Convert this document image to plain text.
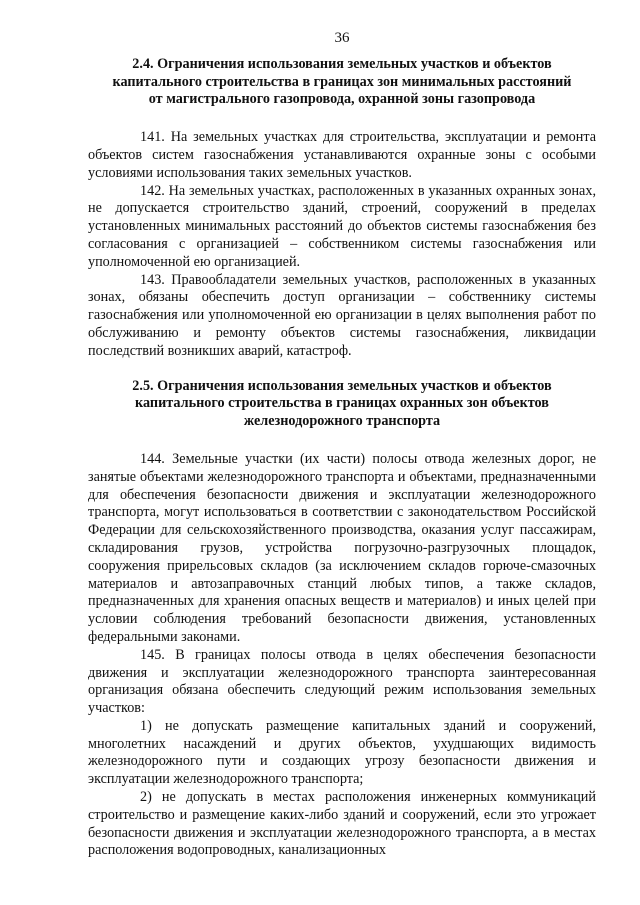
36
2.4. Ограничения использования земельных участков и объектов
капитального строительства в границах зон минимальных расстояний
от магистрального газопровода, охранной зоны газопровода

141. На земельных участках для строительства, эксплуатации и ремонта объектов систем газоснабжения устанавливаются охранные зоны с особыми условиями использования таких земельных участков.

142. На земельных участках, расположенных в указанных охранных зонах, не допускается строительство зданий, строений, сооружений в пределах установленных минимальных расстояний до объектов системы газоснабжения без согласования с организацией – собственником системы газоснабжения или уполномоченной ею организацией.

143. Правообладатели земельных участков, расположенных в указанных зонах, обязаны обеспечить доступ организации – собственнику системы газоснабжения или уполномоченной ею организации в целях выполнения работ по обслуживанию и ремонту объектов системы газоснабжения, ликвидации последствий возникших аварий, катастроф.

2.5. Ограничения использования земельных участков и объектов
капитального строительства в границах охранных зон объектов
железнодорожного транспорта

144. Земельные участки (их части) полосы отвода железных дорог, не занятые объектами железнодорожного транспорта и объектами, предназначенными для обеспечения безопасности движения и эксплуатации железнодорожного транспорта, могут использоваться в соответствии с законодательством Российской Федерации для сельскохозяйственного производства, оказания услуг пассажирам, складирования грузов, устройства погрузочно-разгрузочных площадок, сооружения прирельсовых складов (за исключением складов горюче-смазочных материалов и автозаправочных станций любых типов, а также складов, предназначенных для хранения опасных веществ и материалов) и иных целей при условии соблюдения требований безопасности движения, установленных федеральными законами.

145. В границах полосы отвода в целях обеспечения безопасности движения и эксплуатации железнодорожного транспорта заинтересованная организация обязана обеспечить следующий режим использования земельных участков:

1) не допускать размещение капитальных зданий и сооружений, многолетних насаждений и других объектов, ухудшающих видимость железнодорожного пути и создающих угрозу безопасности движения и эксплуатации железнодорожного транспорта;

2) не допускать в местах расположения инженерных коммуникаций строительство и размещение каких-либо зданий и сооружений, если это угрожает безопасности движения и эксплуатации железнодорожного транспорта, а в местах расположения водопроводных, канализационных
